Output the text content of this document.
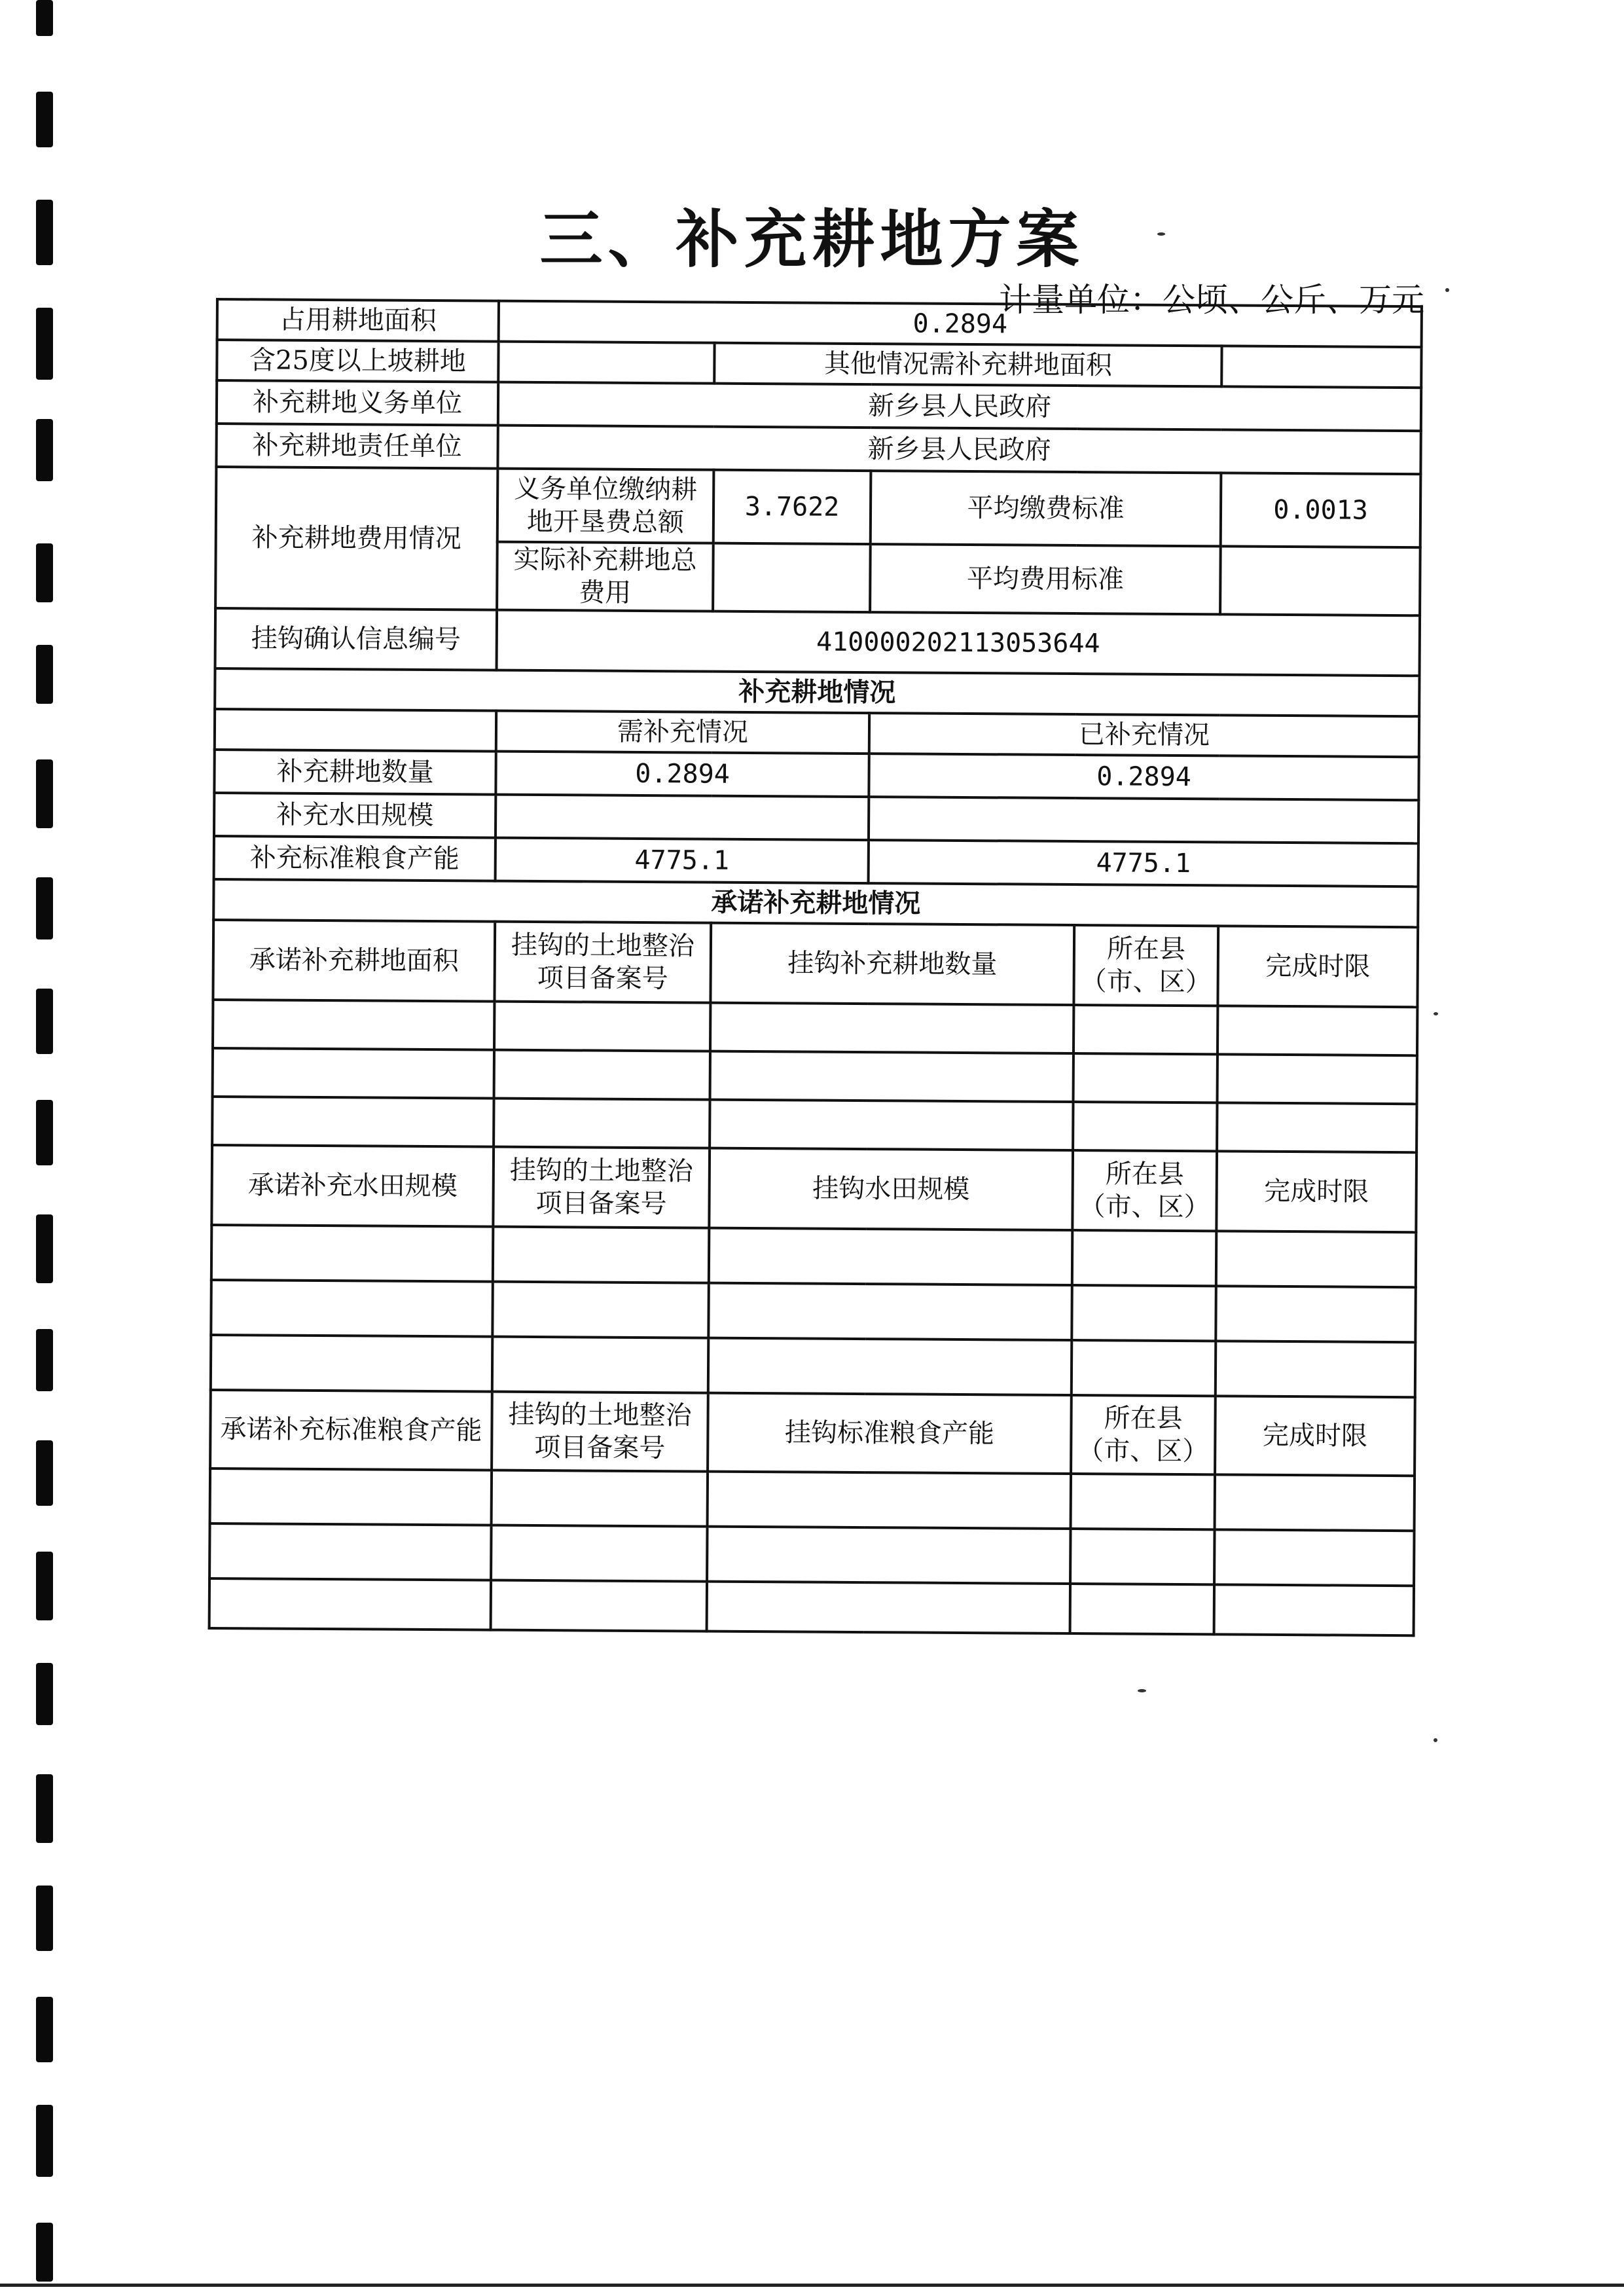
三、补充耕地方案
计量单位：公顷、公斤、万元
占用耕地面积	0.2894				
含25度以上坡耕地		其他情况需补充耕地面积			
补充耕地义务单位	新乡县人民政府				
补充耕地责任单位	新乡县人民政府				
补充耕地费用情况	义务单位缴纳耕地开垦费总额	3.7622	平均缴费标准		0.0013
	实际补充耕地总费用		平均费用标准		
挂钩确认信息编号	410000202113053644				
补充耕地情况					
	需补充情况		已补充情况		
补充耕地数量	0.2894		0.2894		
补充水田规模					
补充标准粮食产能	4775.1		4775.1		
承诺补充耕地情况					
承诺补充耕地面积	挂钩的土地整治项目备案号	挂钩补充耕地数量		所在县（市、区）	完成时限

承诺补充水田规模	挂钩的土地整治项目备案号	挂钩水田规模		所在县（市、区）	完成时限

承诺补充标准粮食产能	挂钩的土地整治项目备案号	挂钩标准粮食产能		所在县（市、区）	完成时限
